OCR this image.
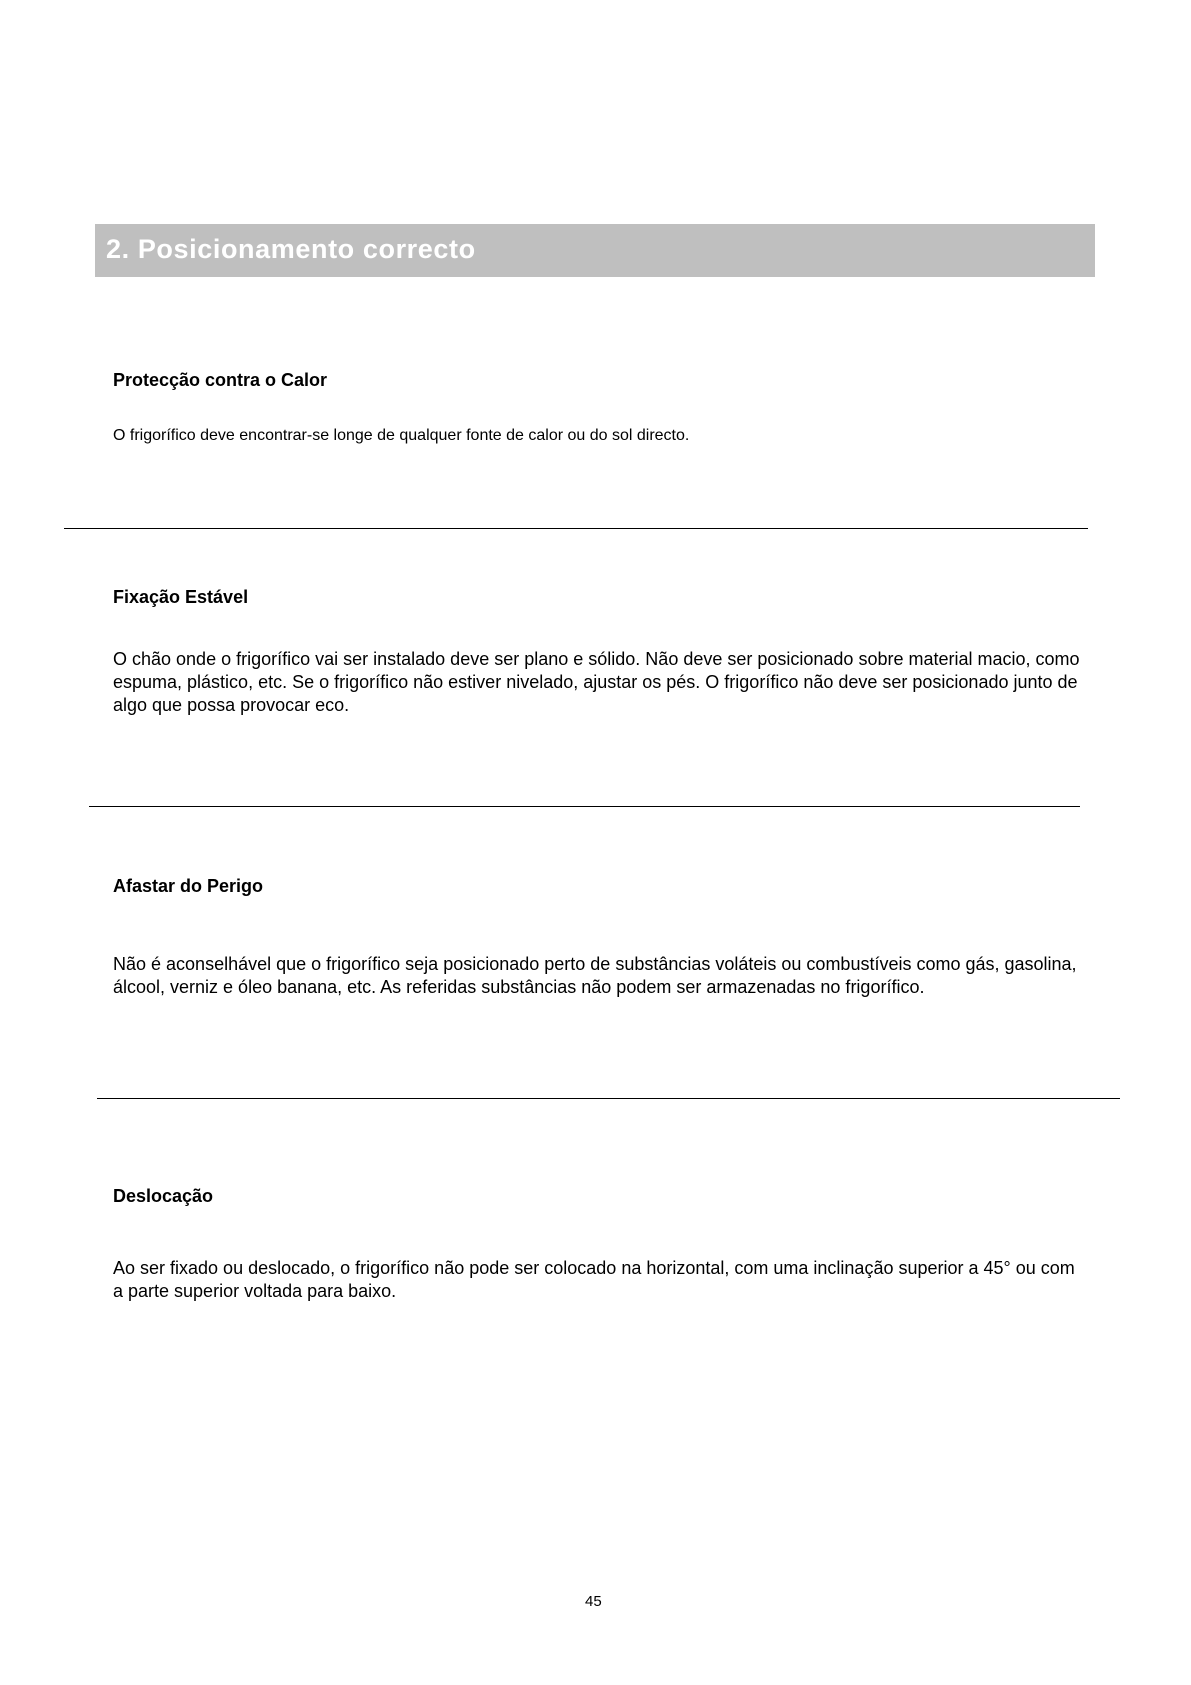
2. Posicionamento correcto
Protecção contra o Calor
O frigorífico deve encontrar-se longe de qualquer fonte de calor ou do sol directo.
Fixação Estável
O chão onde o frigorífico vai ser instalado deve ser plano e sólido. Não deve ser posicionado sobre material macio, como espuma, plástico, etc. Se o frigorífico não estiver nivelado, ajustar os pés. O frigorífico não deve ser posicionado junto de algo que possa provocar eco.
Afastar do Perigo
Não é aconselhável que o frigorífico seja posicionado perto de substâncias voláteis ou combustíveis como gás, gasolina, álcool, verniz e óleo banana, etc. As referidas substâncias não podem ser armazenadas no frigorífico.
Deslocação
Ao ser fixado ou deslocado, o frigorífico não pode ser colocado na horizontal, com uma inclinação superior a 45° ou com a parte superior voltada para baixo.
45
